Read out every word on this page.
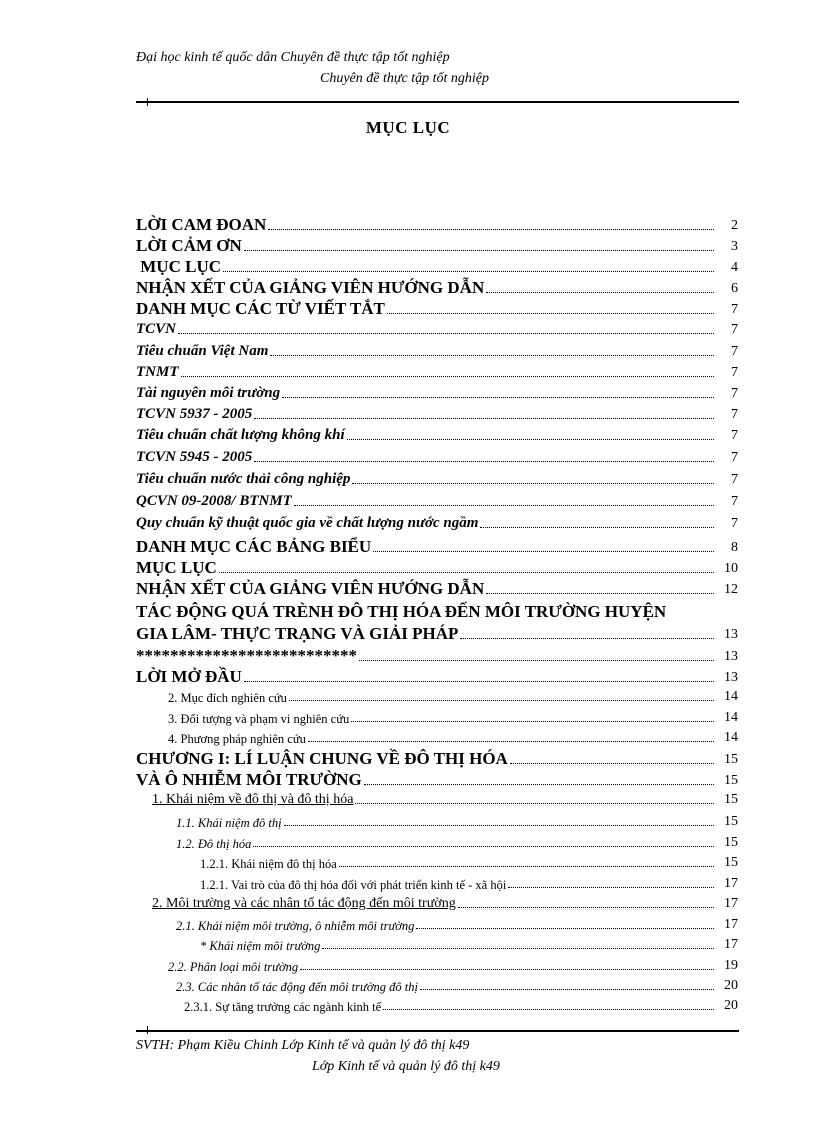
Đại học kinh tế quốc dân Chuyên đề thực tập tốt nghiệp
Chuyên đề thực tập tốt nghiệp
MỤC LỤC
LỜI CAM ĐOAN	2
LỜI CẢM ƠN	3
MỤC LỤC	4
NHẬN XẾT CỦA GIẢNG VIÊN HƯỚNG DẪN	6
DANH MỤC CÁC TỪ VIẾT TẮT	7
TCVN	7
Tiêu chuẩn Việt Nam	7
TNMT	7
Tài nguyên môi trường	7
TCVN 5937 - 2005	7
Tiêu chuẩn chất lượng không khí	7
TCVN 5945 - 2005	7
Tiêu chuẩn nước thải công nghiệp	7
QCVN 09-2008/ BTNMT	7
Quy chuẩn kỹ thuật quốc gia về chất lượng nước ngầm	7
DANH MỤC CÁC BẢNG BIỂU	8
MỤC LỤC	10
NHẬN XẾT CỦA GIẢNG VIÊN HƯỚNG DẪN	12
TÁC ĐỘNG QUÁ TRÈNH ĐÔ THỊ HÓA ĐẾN MÔI TRƯỜNG HUYỆN
GIA LÂM- THỰC TRẠNG VÀ GIẢI PHÁP	13
**************************	13
LỜI MỞ ĐẦU	13
2. Mục đích nghiên cứu	14
3. Đối tượng và phạm vi nghiên cứu	14
4. Phương pháp nghiên cứu	14
CHƯƠNG I: LÍ LUẬN CHUNG VỀ ĐÔ THỊ HÓA	15
VÀ Ô NHIỄM MÔI TRƯỜNG	15
1. Khái niệm về đô thị và đô thị hóa	15
1.1. Khái niệm đô thị	15
1.2. Đô thị hóa	15
1.2.1. Khái niệm đô thị hóa	15
1.2.1. Vai trò của đô thị hóa đối với phát triển kinh tế - xã hội	17
2. Môi trường và các nhân tố tác động đến môi trường	17
2.1. Khái niệm môi trường, ô nhiễm môi trường	17
* Khái niệm môi trường	17
2.2. Phân loại môi trường	19
2.3. Các nhân tố tác động đến môi trường đô thị	20
2.3.1. Sự tăng trưởng các ngành kinh tế	20
SVTH: Phạm Kiều Chinh Lớp Kinh tế và quản lý đô thị k49
Lớp Kinh tế và quản lý đô thị k49
